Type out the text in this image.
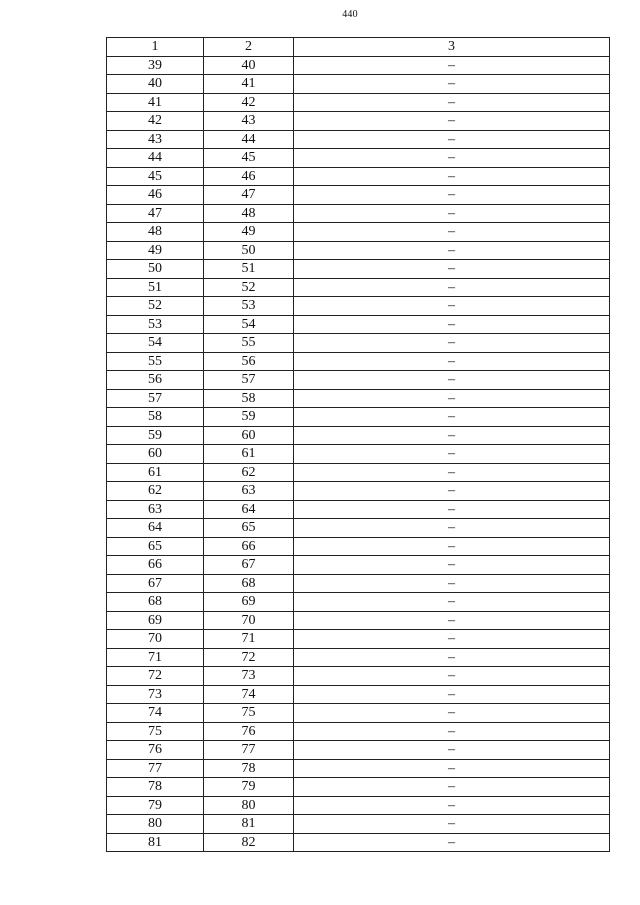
440
1	2	3
39	40	–
40	41	–
41	42	–
42	43	–
43	44	–
44	45	–
45	46	–
46	47	–
47	48	–
48	49	–
49	50	–
50	51	–
51	52	–
52	53	–
53	54	–
54	55	–
55	56	–
56	57	–
57	58	–
58	59	–
59	60	–
60	61	–
61	62	–
62	63	–
63	64	–
64	65	–
65	66	–
66	67	–
67	68	–
68	69	–
69	70	–
70	71	–
71	72	–
72	73	–
73	74	–
74	75	–
75	76	–
76	77	–
77	78	–
78	79	–
79	80	–
80	81	–
81	82	–
